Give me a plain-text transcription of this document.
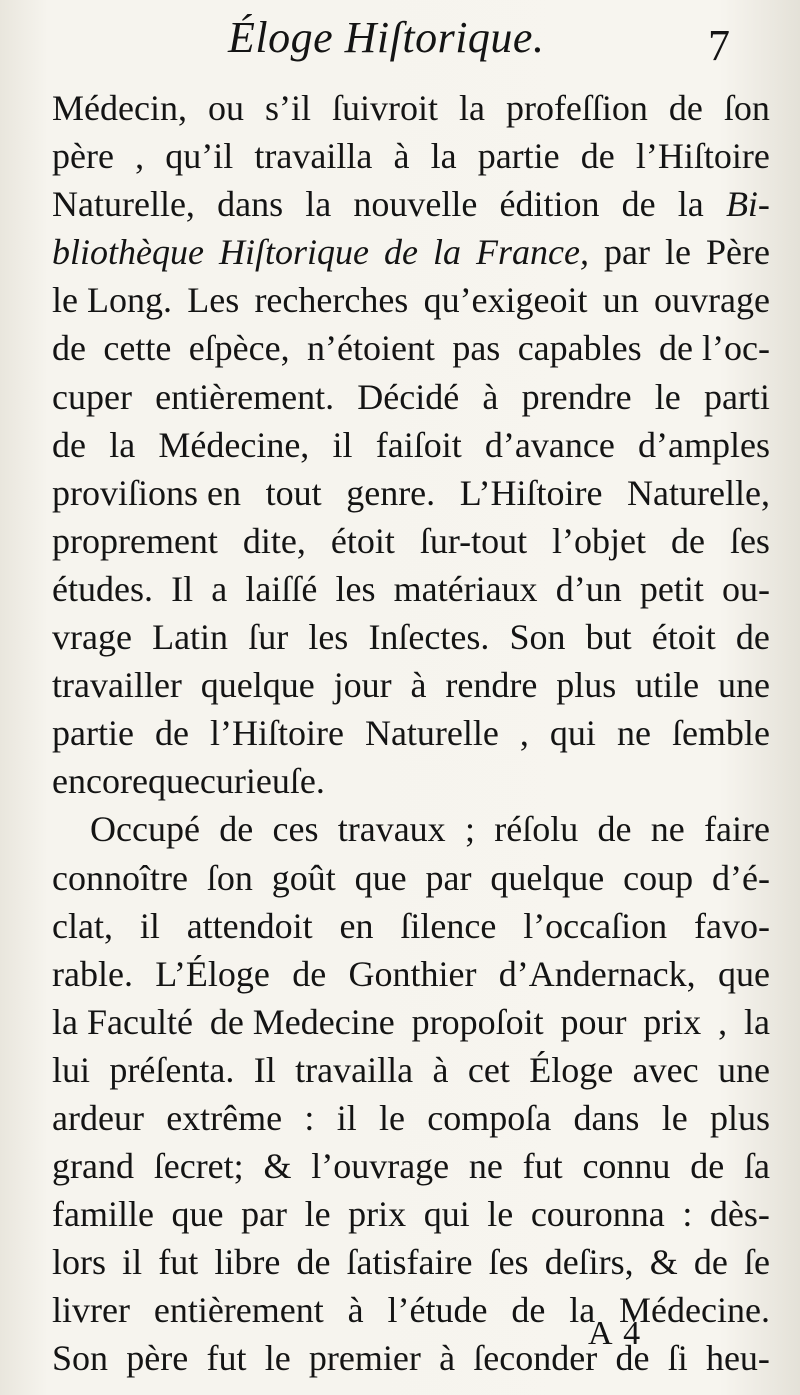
Éloge Hiſtorique.	7
Médecin, ou s’il ſuivroit la profeſſion de ſon
père , qu’il travailla à la partie de l’Hiſtoire
Naturelle, dans la nouvelle édition de la Bi-
bliothèque Hiſtorique de la France, par le Père
le Long. Les recherches qu’exigeoit un ouvrage
de cette eſpèce, n’étoient pas capables de l’oc-
cuper entièrement. Décidé à prendre le parti
de la Médecine, il faiſoit d’avance d’amples
proviſions en tout genre. L’Hiſtoire Naturelle,
proprement dite, étoit ſur-tout l’objet de ſes
études. Il a laiſſé les matériaux d’un petit ou-
vrage Latin ſur les Inſectes. Son but étoit de
travailler quelque jour à rendre plus utile une
partie de l’Hiſtoire Naturelle , qui ne ſemble
encore que curieuſe.
Occupé de ces travaux ; réſolu de ne faire
connoître ſon goût que par quelque coup d’é-
clat, il attendoit en ſilence l’occaſion favo-
rable. L’Éloge de Gonthier d’Andernack, que
la Faculté de Medecine propoſoit pour prix , la
lui préſenta. Il travailla à cet Éloge avec une
ardeur extrême : il le compoſa dans le plus
grand ſecret; & l’ouvrage ne fut connu de ſa
famille que par le prix qui le couronna : dès-
lors il fut libre de ſatisfaire ſes deſirs, & de ſe
livrer entièrement à l’étude de la Médecine.
Son père fut le premier à ſeconder de ſi heu-
A 4
